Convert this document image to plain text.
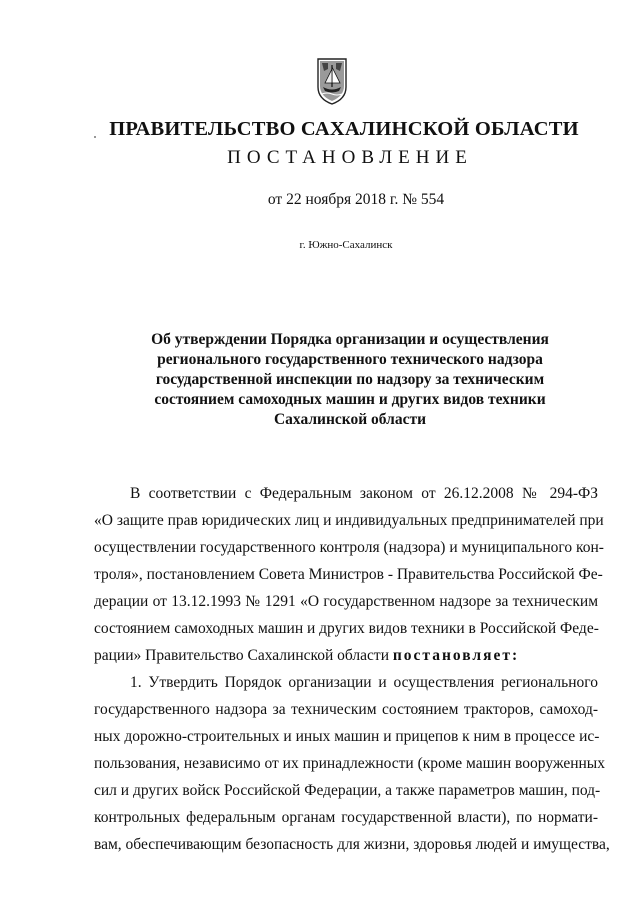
ПРАВИТЕЛЬСТВО САХАЛИНСКОЙ ОБЛАСТИ
ПОСТАНОВЛЕНИЕ
от 22 ноября 2018 г. № 554
г. Южно-Сахалинск
Об утверждении Порядка организации и осуществления
регионального государственного технического надзора
государственной инспекции по надзору за техническим
состоянием самоходных машин и других видов техники
Сахалинской области
В соответствии с Федеральным законом от 26.12.2008 № 294-ФЗ
«О защите прав юридических лиц и индивидуальных предпринимателей при
осуществлении государственного контроля (надзора) и муниципального кон-
троля», постановлением Совета Министров - Правительства Российской Фе-
дерации от 13.12.1993 № 1291 «О государственном надзоре за техническим
состоянием самоходных машин и других видов техники в Российской Федe-
рации» Правительство Сахалинской области постановляет:
1. Утвердить Порядок организации и осуществления регионального
государственного надзора за техническим состоянием тракторов, самоход-
ных дорожно-строительных и иных машин и прицепов к ним в процессе ис-
пользования, независимо от их принадлежности (кроме машин вооруженных
сил и других войск Российской Федерации, а также параметров машин, под-
контрольных федеральным органам государственной власти), по нормати-
вам, обеспечивающим безопасность для жизни, здоровья людей и имущества,
